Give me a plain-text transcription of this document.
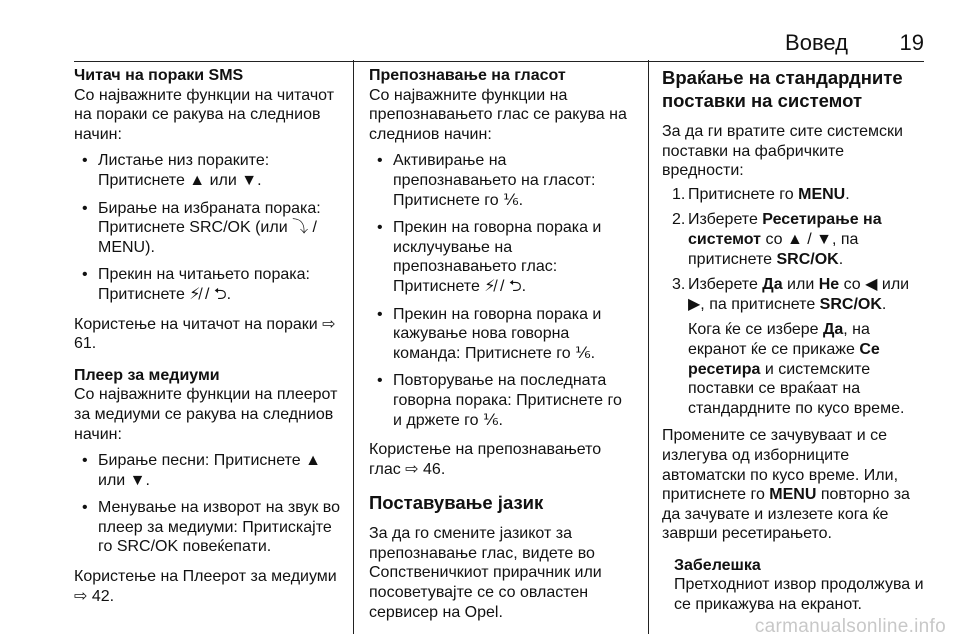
Вовед 19

Читач на пораки SMS

Со најважните функции на читачот на пораки се ракува на следниов начин:

• Листање низ пораките: Притиснете ▲ или ▼.
• Бирање на избраната порака: Притиснете SRC/OK (или ⤵ / MENU).
• Прекин на читањето порака: Притиснете ⚡̸ / ⮌.

Користење на читачот на пораки ⇨ 61.

Плеер за медиуми

Со најважните функции на плеерот за медиуми се ракува на следниов начин:

• Бирање песни: Притиснете ▲ или ▼.
• Менување на изворот на звук во плеер за медиуми: Притискајте го SRC/OK повеќепати.

Користење на Плеерот за медиуми ⇨ 42.

Препознавање на гласот

Со најважните функции на препознавањето глас се ракува на следниов начин:

• Активирање на препознавањето на гласот: Притиснете го ⅙.
• Прекин на говорна порака и исклучување на препознавањето глас: Притиснете ⚡̸ / ⮌.
• Прекин на говорна порака и кажување нова говорна команда: Притиснете го ⅙.
• Повторување на последната говорна порака: Притиснете го и држете го ⅙.

Користење на препознавањето глас ⇨ 46.

Поставување јазик

За да го смените јазикот за препознавање глас, видете во Сопственичкиот прирачник или посоветувајте се со овластен сервисер на Opel.

Враќање на стандардните поставки на системот

За да ги вратите сите системски поставки на фабричките вредности:

1. Притиснете го MENU.
2. Изберете Ресетирање на системот со ▲ / ▼, па притиснете SRC/OK.
3. Изберете Да или Не со ◀ или ▶, па притиснете SRC/OK.

Кога ќе се избере Да, на екранот ќе се прикаже Се ресетира и системските поставки се враќаат на стандардните по кусо време.

Промените се зачувуваат и се излегува од изборниците автоматски по кусо време. Или, притиснете го MENU повторно за да зачувате и излезете кога ќе заврши ресетирањето.

Забелешка

Претходниот извор продолжува и се прикажува на екранот.

carmanualsonline.info
